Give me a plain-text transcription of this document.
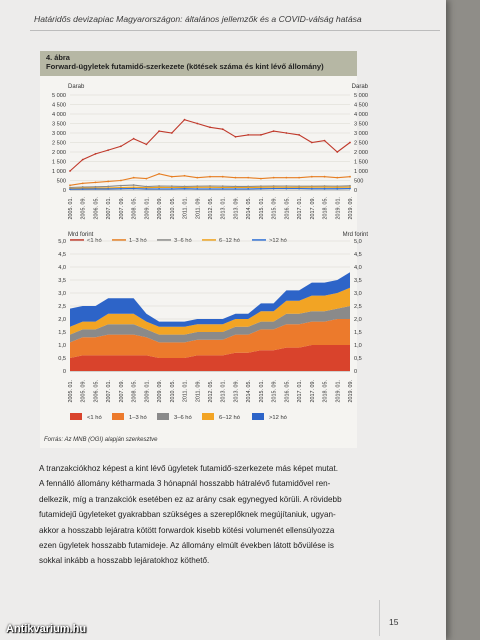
Határidős devizapiac Magyarországon: általános jellemzők és a COVID-válság hatása
4. ábra
Forward-ügyletek futamidő-szerkezete (kötések száma és kint lévő állomány)
5 000	5 000
4 500	4 500
4 000	4 000
3 500	3 500
3 000	3 000
2 500	2 500
2 000	2 000
1 500	1 500
1 000	1 000
500	500
0	0
Darab	Darab
2005. 01. 2005. 09. 2006. 05. 2007. 01. 2007. 09. 2008. 05. 2009. 01. 2009. 09. 2010. 05. 2011. 01. 2011. 09. 2012. 05. 2013. 01. 2013. 09. 2014. 05. 2015. 01. 2015. 09. 2016. 05. 2017. 01. 2017. 09. 2018. 05. 2019. 01. 2019. 09.
<1 hó	1–3 hó	3–6 hó	6–12 hó	>12 hó
5,0	5,0
4,5	4,5
4,0	4,0
3,5	3,5
3,0	3,0
2,5	2,5
2,0	2,0
1,5	1,5
1,0	1,0
0,5	0,5
0	0
Mrd forint	Mrd forint
2005. 01. 2005. 09. 2006. 05. 2007. 01. 2007. 09. 2008. 05. 2009. 01. 2009. 09. 2010. 05. 2011. 01. 2011. 09. 2012. 05. 2013. 01. 2013. 09. 2014. 05. 2015. 01. 2015. 09. 2016. 05. 2017. 01. 2017. 09. 2018. 05. 2019. 01. 2019. 09.
<1 hó	1–3 hó	3–6 hó	6–12 hó	>12 hó
Forrás: Az MNB (OGI) alapján szerkesztve
A tranzakciókhoz képest a kint lévő ügyletek futamidő-szerkezete más képet mutat.
A fennálló állomány kétharmada 3 hónapnál hosszabb hátralévő futamidővel ren-
delkezik, míg a tranzakciók esetében ez az arány csak egynegyed körüli. A rövidebb
futamidejű ügyleteket gyakrabban szükséges a szereplőknek megújítaniuk, ugyan-
akkor a hosszabb lejáratra kötött forwardok kisebb kötési volumenét ellensúlyozza
ezen ügyletek hosszabb futamideje. Az állomány elmúlt években látott bővülése is
sokkal inkább a hosszabb lejáratokhoz köthető.
15
Antikvarium.hu
